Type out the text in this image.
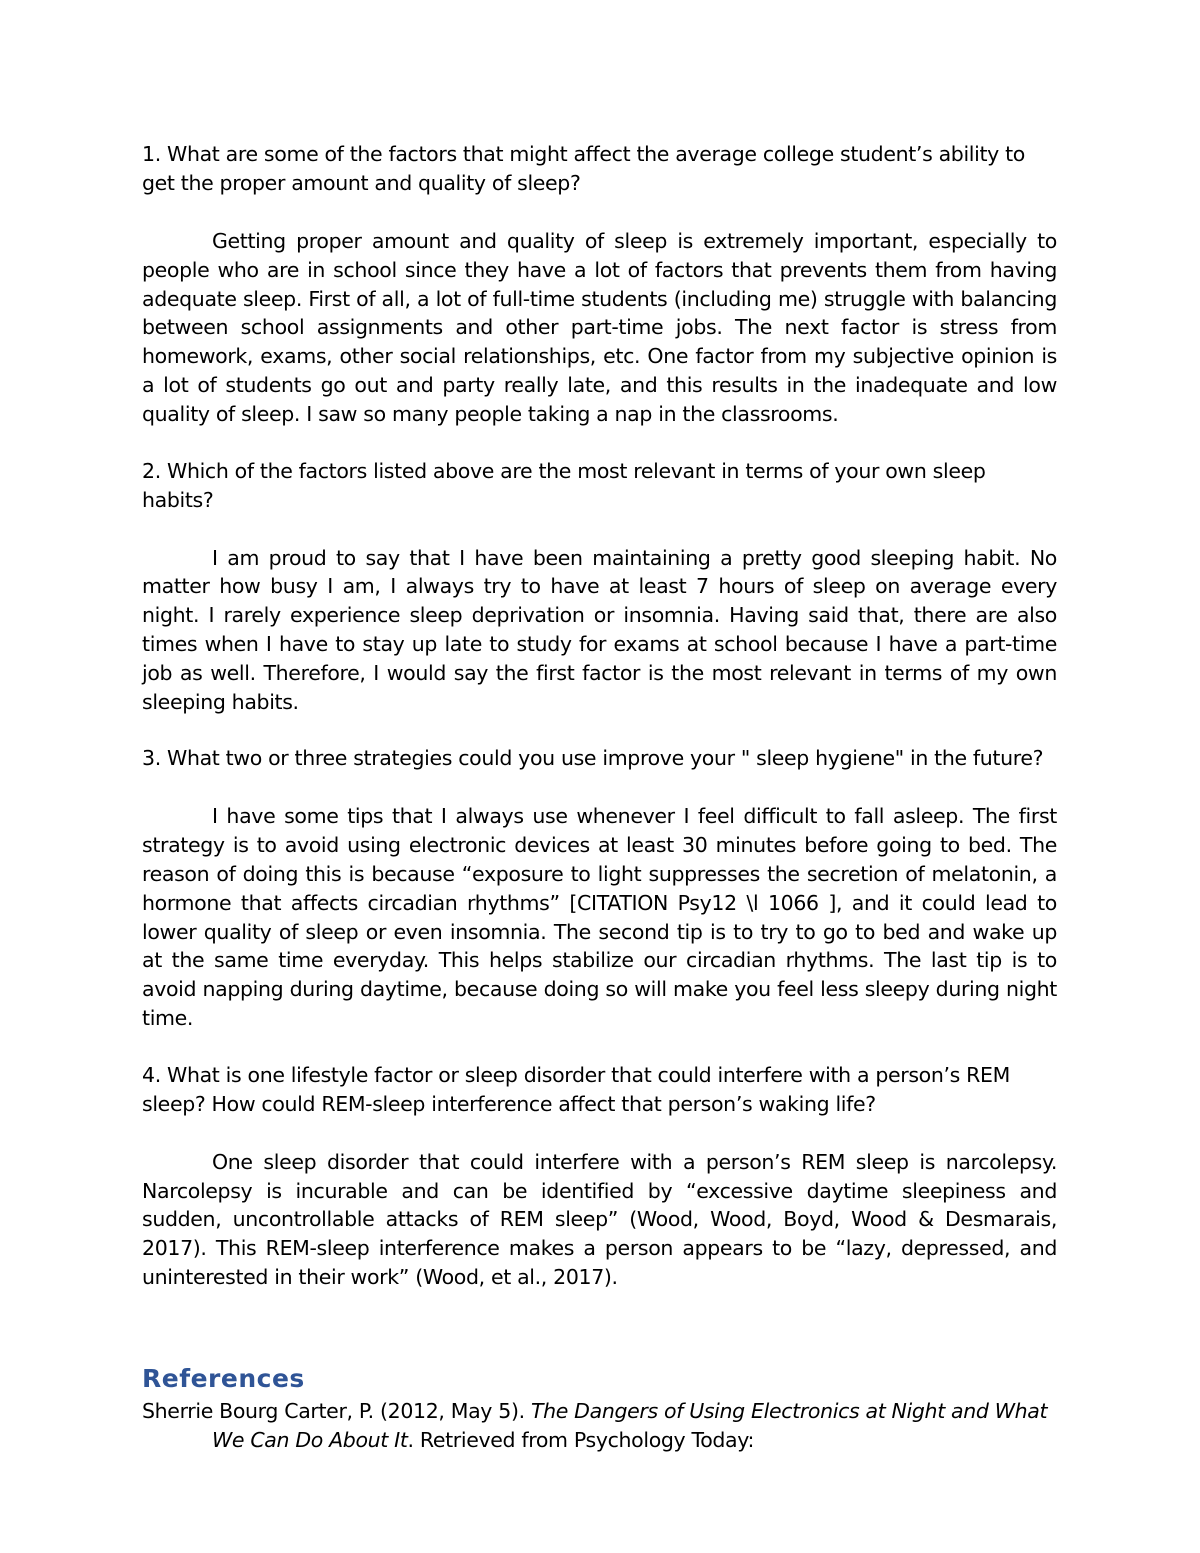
1. What are some of the factors that might affect the average college student’s ability to get the proper amount and quality of sleep?

Getting proper amount and quality of sleep is extremely important, especially to people who are in school since they have a lot of factors that prevents them from having adequate sleep. First of all, a lot of full-time students (including me) struggle with balancing between school assignments and other part-time jobs. The next factor is stress from homework, exams, other social relationships, etc. One factor from my subjective opinion is a lot of students go out and party really late, and this results in the inadequate and low quality of sleep. I saw so many people taking a nap in the classrooms.

2. Which of the factors listed above are the most relevant in terms of your own sleep habits?

I am proud to say that I have been maintaining a pretty good sleeping habit. No matter how busy I am, I always try to have at least 7 hours of sleep on average every night. I rarely experience sleep deprivation or insomnia. Having said that, there are also times when I have to stay up late to study for exams at school because I have a part-time job as well. Therefore, I would say the first factor is the most relevant in terms of my own sleeping habits.

3. What two or three strategies could you use improve your " sleep hygiene" in the future?

I have some tips that I always use whenever I feel difficult to fall asleep. The first strategy is to avoid using electronic devices at least 30 minutes before going to bed. The reason of doing this is because “exposure to light suppresses the secretion of melatonin, a hormone that affects circadian rhythms” [CITATION Psy12 \l 1066 ], and it could lead to lower quality of sleep or even insomnia. The second tip is to try to go to bed and wake up at the same time everyday. This helps stabilize our circadian rhythms. The last tip is to avoid napping during daytime, because doing so will make you feel less sleepy during night time.

4. What is one lifestyle factor or sleep disorder that could interfere with a person’s REM sleep? How could REM-sleep interference affect that person’s waking life?

One sleep disorder that could interfere with a person’s REM sleep is narcolepsy. Narcolepsy is incurable and can be identified by “excessive daytime sleepiness and sudden, uncontrollable attacks of REM sleep” (Wood, Wood, Boyd, Wood & Desmarais, 2017). This REM-sleep interference makes a person appears to be “lazy, depressed, and uninterested in their work” (Wood, et al., 2017).

References

Sherrie Bourg Carter, P. (2012, May 5). The Dangers of Using Electronics at Night and What We Can Do About It. Retrieved from Psychology Today:
